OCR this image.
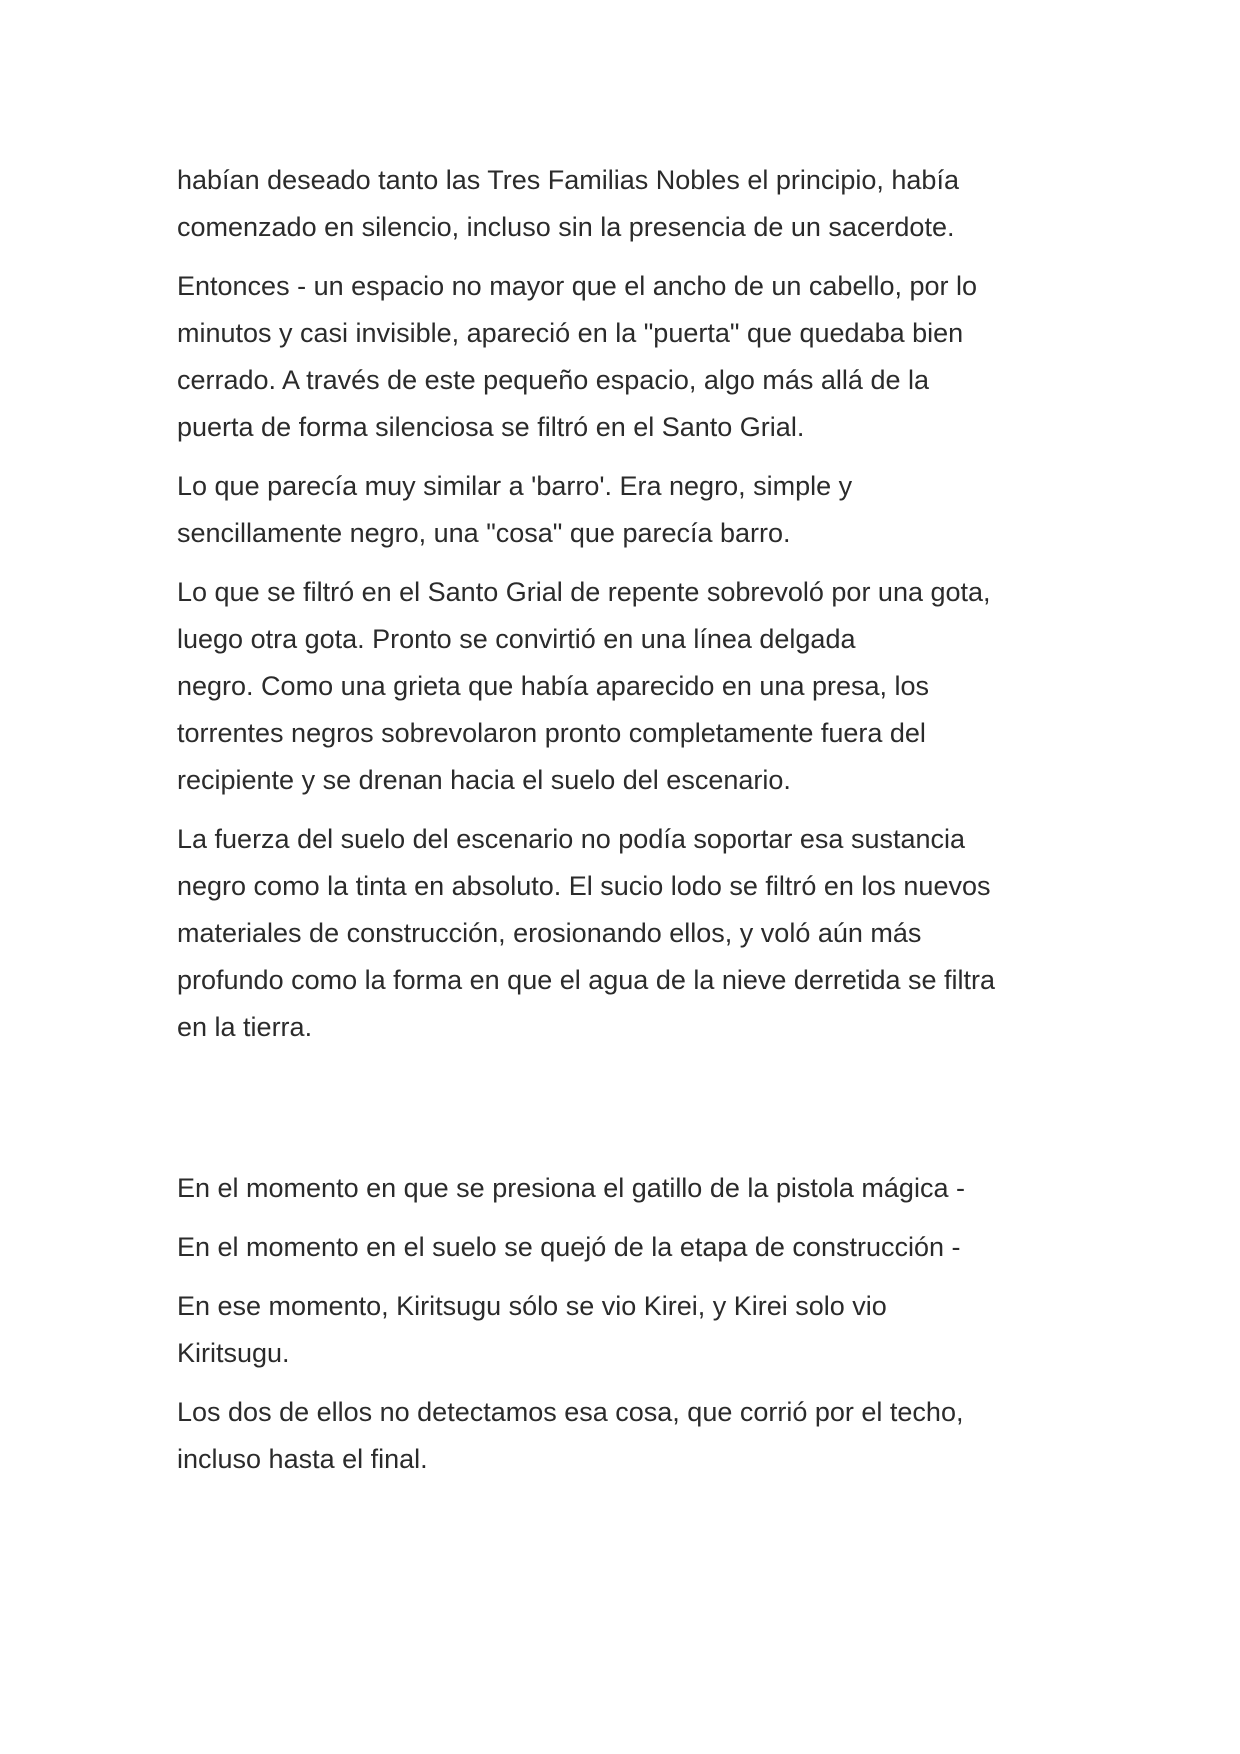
habían deseado tanto las Tres Familias Nobles el principio, había
comenzado en silencio, incluso sin la presencia de un sacerdote.

Entonces - un espacio no mayor que el ancho de un cabello, por lo
minutos y casi invisible, apareció en la "puerta" que quedaba bien
cerrado. A través de este pequeño espacio, algo más allá de la
puerta de forma silenciosa se filtró en el Santo Grial.

Lo que parecía muy similar a 'barro'. Era negro, simple y
sencillamente negro, una "cosa" que parecía barro.

Lo que se filtró en el Santo Grial de repente sobrevoló por una gota,
luego otra gota. Pronto se convirtió en una línea delgada
negro. Como una grieta que había aparecido en una presa, los
torrentes negros sobrevolaron pronto completamente fuera del
recipiente y se drenan hacia el suelo del escenario.

La fuerza del suelo del escenario no podía soportar esa sustancia
negro como la tinta en absoluto. El sucio lodo se filtró en los nuevos
materiales de construcción, erosionando ellos, y voló aún más
profundo como la forma en que el agua de la nieve derretida se filtra
en la tierra.

En el momento en que se presiona el gatillo de la pistola mágica -

En el momento en el suelo se quejó de la etapa de construcción -

En ese momento, Kiritsugu sólo se vio Kirei, y Kirei solo vio
Kiritsugu.

Los dos de ellos no detectamos esa cosa, que corrió por el techo,
incluso hasta el final.
